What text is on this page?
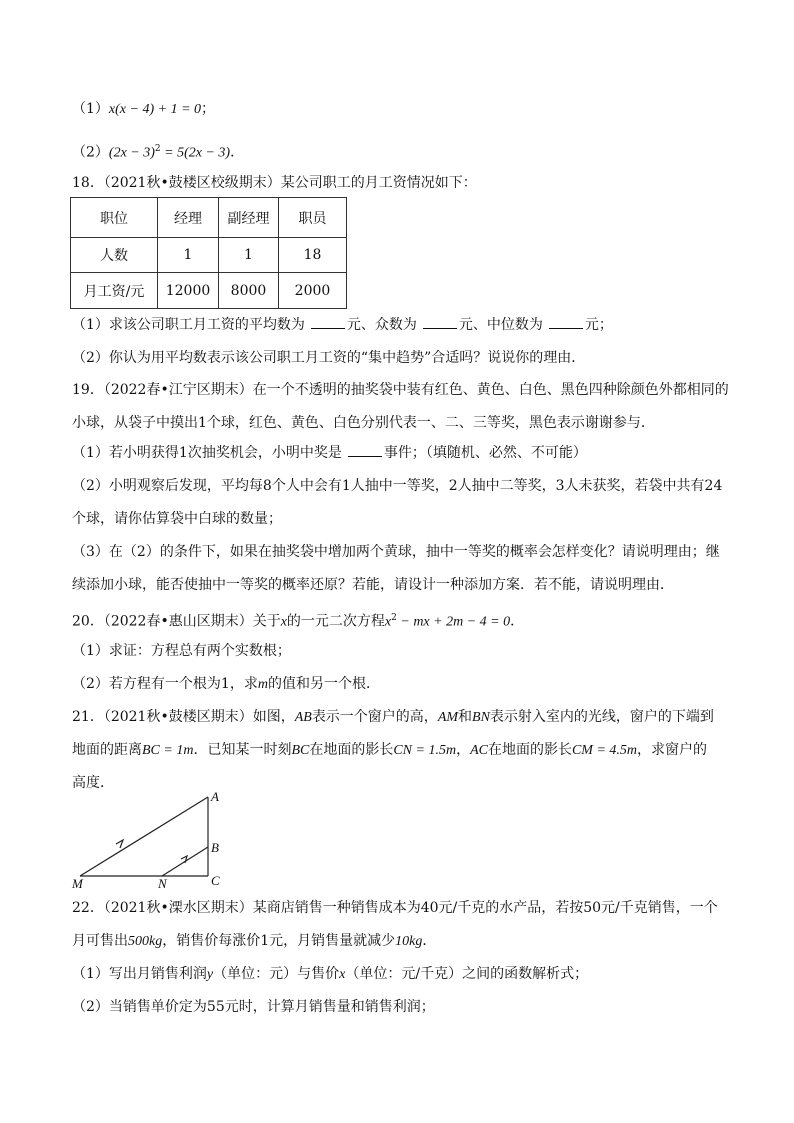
（1）x(x − 4) + 1 = 0；
$(2)(2x - 3)^2 = 5(2x - 3)$．
18．（2021秋•鼓楼区校级期末）某公司职工的月工资情况如下：
职位	经理	副经理	职员
人数	1	1	18
月工资/元	12000	8000	2000
（1）求该公司职工月工资的平均数为	元、众数为	元、中位数为	元；
（2）你认为用平均数表示该公司职工月工资的“集中趋势”合适吗？说说你的理由．
19．（2022春•江宁区期末）在一个不透明的抽奖袋中装有红色、黄色、白色、黑色四种除颜色外都相同的
小球，从袋子中摸出1个球，红色、黄色、白色分别代表一、二、三等奖，黑色表示谢谢参与．
（1）若小明获得1次抽奖机会，小明中奖是	事件；（填随机、必然、不可能）
（2）小明观察后发现，平均每8个人中会有1人抽中一等奖，2人抽中二等奖，3人未获奖，若袋中共有24
个球，请你估算袋中白球的数量；
（3）在（2）的条件下，如果在抽奖袋中增加两个黄球，抽中一等奖的概率会怎样变化？请说明理由；继
续添加小球，能否使抽中一等奖的概率还原？若能，请设计一种添加方案．若不能，请说明理由．
20．（2022春•惠山区期末）关于x的一元二次方程$x^2$ − mx + 2m − 4 = 0．
（1）求证：方程总有两个实数根；
（2）若方程有一个根为1，求m的值和另一个根．
21．（2021秋•鼓楼区期末）如图，AB表示一个窗户的高，AM和BN表示射入室内的光线，窗户的下端到
地面的距离BC = 1m．已知某一时刻BC在地面的影长CN = 1.5m，AC在地面的影长CM = 4.5m，求窗户的
高度．
A
B
C
M	N
22．（2021秋•溧水区期末）某商店销售一种销售成本为40元/千克的水产品，若按50元/千克销售，一个
月可售出500kg，销售价每涨价1元，月销售量就减少10kg．
（1）写出月销售利润y（单位：元）与售价x（单位：元/千克）之间的函数解析式；
（2）当销售单价定为55元时，计算月销售量和销售利润；
